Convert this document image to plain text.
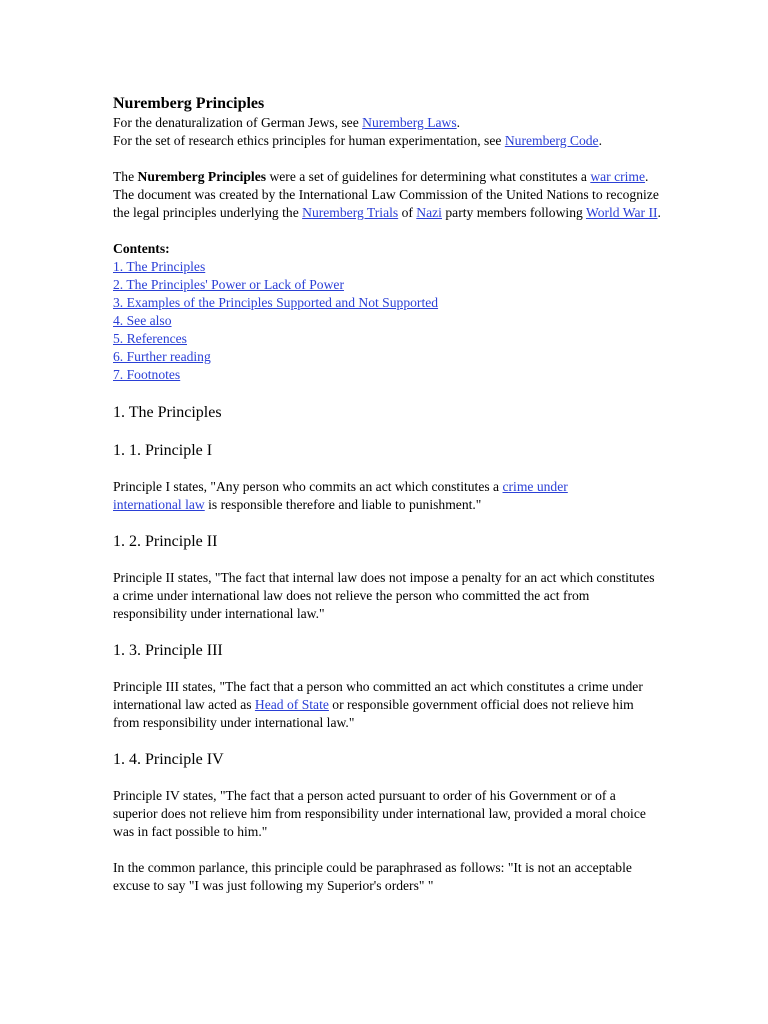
Nuremberg Principles

For the denaturalization of German Jews, see Nuremberg Laws.

For the set of research ethics principles for human experimentation, see Nuremberg Code.

The Nuremberg Principles were a set of guidelines for determining what constitutes a war crime. The document was created by the International Law Commission of the United Nations to recognize the legal principles underlying the Nuremberg Trials of Nazi party members following World War II.

Contents:

1. The Principles
2. The Principles' Power or Lack of Power
3. Examples of the Principles Supported and Not Supported
4. See also
5. References
6. Further reading
7. Footnotes

1. The Principles

1. 1. Principle I

Principle I states, "Any person who commits an act which constitutes a crime under international law is responsible therefore and liable to punishment."

1. 2. Principle II

Principle II states, "The fact that internal law does not impose a penalty for an act which constitutes a crime under international law does not relieve the person who committed the act from responsibility under international law."

1. 3. Principle III

Principle III states, "The fact that a person who committed an act which constitutes a crime under international law acted as Head of State or responsible government official does not relieve him from responsibility under international law."

1. 4. Principle IV

Principle IV states, "The fact that a person acted pursuant to order of his Government or of a superior does not relieve him from responsibility under international law, provided a moral choice was in fact possible to him."

In the common parlance, this principle could be paraphrased as follows: "It is not an acceptable excuse to say "I was just following my Superior's orders" "
